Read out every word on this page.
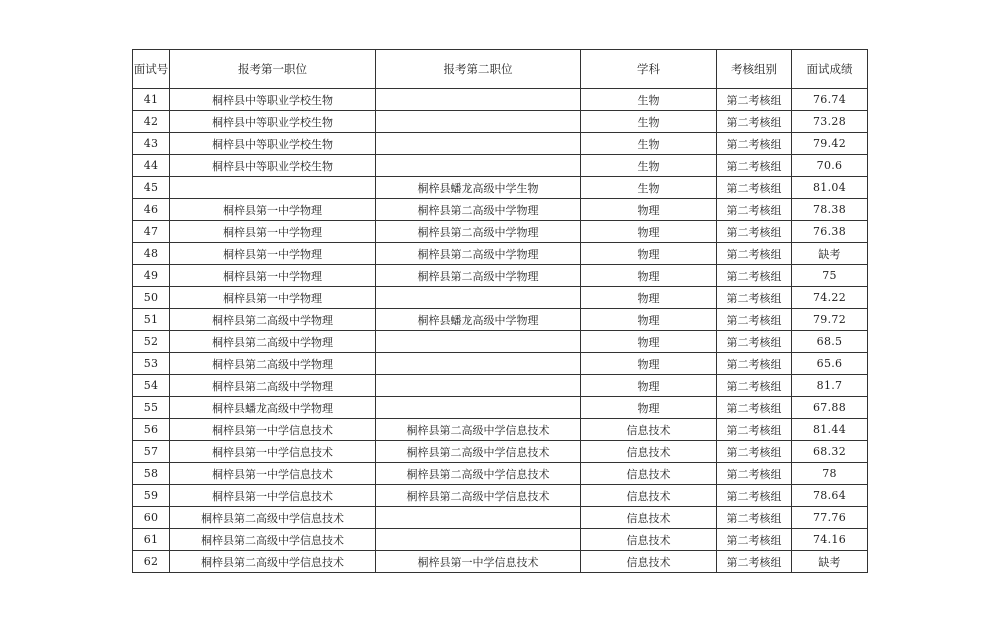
面试号	报考第一职位	报考第二职位	学科	考核组别	面试成绩
41	桐梓县中等职业学校生物		生物	第二考核组	76.74
42	桐梓县中等职业学校生物		生物	第二考核组	73.28
43	桐梓县中等职业学校生物		生物	第二考核组	79.42
44	桐梓县中等职业学校生物		生物	第二考核组	70.6
45		桐梓县蟠龙高级中学生物	生物	第二考核组	81.04
46	桐梓县第一中学物理	桐梓县第二高级中学物理	物理	第二考核组	78.38
47	桐梓县第一中学物理	桐梓县第二高级中学物理	物理	第二考核组	76.38
48	桐梓县第一中学物理	桐梓县第二高级中学物理	物理	第二考核组	缺考
49	桐梓县第一中学物理	桐梓县第二高级中学物理	物理	第二考核组	75
50	桐梓县第一中学物理		物理	第二考核组	74.22
51	桐梓县第二高级中学物理	桐梓县蟠龙高级中学物理	物理	第二考核组	79.72
52	桐梓县第二高级中学物理		物理	第二考核组	68.5
53	桐梓县第二高级中学物理		物理	第二考核组	65.6
54	桐梓县第二高级中学物理		物理	第二考核组	81.7
55	桐梓县蟠龙高级中学物理		物理	第二考核组	67.88
56	桐梓县第一中学信息技术	桐梓县第二高级中学信息技术	信息技术	第二考核组	81.44
57	桐梓县第一中学信息技术	桐梓县第二高级中学信息技术	信息技术	第二考核组	68.32
58	桐梓县第一中学信息技术	桐梓县第二高级中学信息技术	信息技术	第二考核组	78
59	桐梓县第一中学信息技术	桐梓县第二高级中学信息技术	信息技术	第二考核组	78.64
60	桐梓县第二高级中学信息技术		信息技术	第二考核组	77.76
61	桐梓县第二高级中学信息技术		信息技术	第二考核组	74.16
62	桐梓县第二高级中学信息技术	桐梓县第一中学信息技术	信息技术	第二考核组	缺考
